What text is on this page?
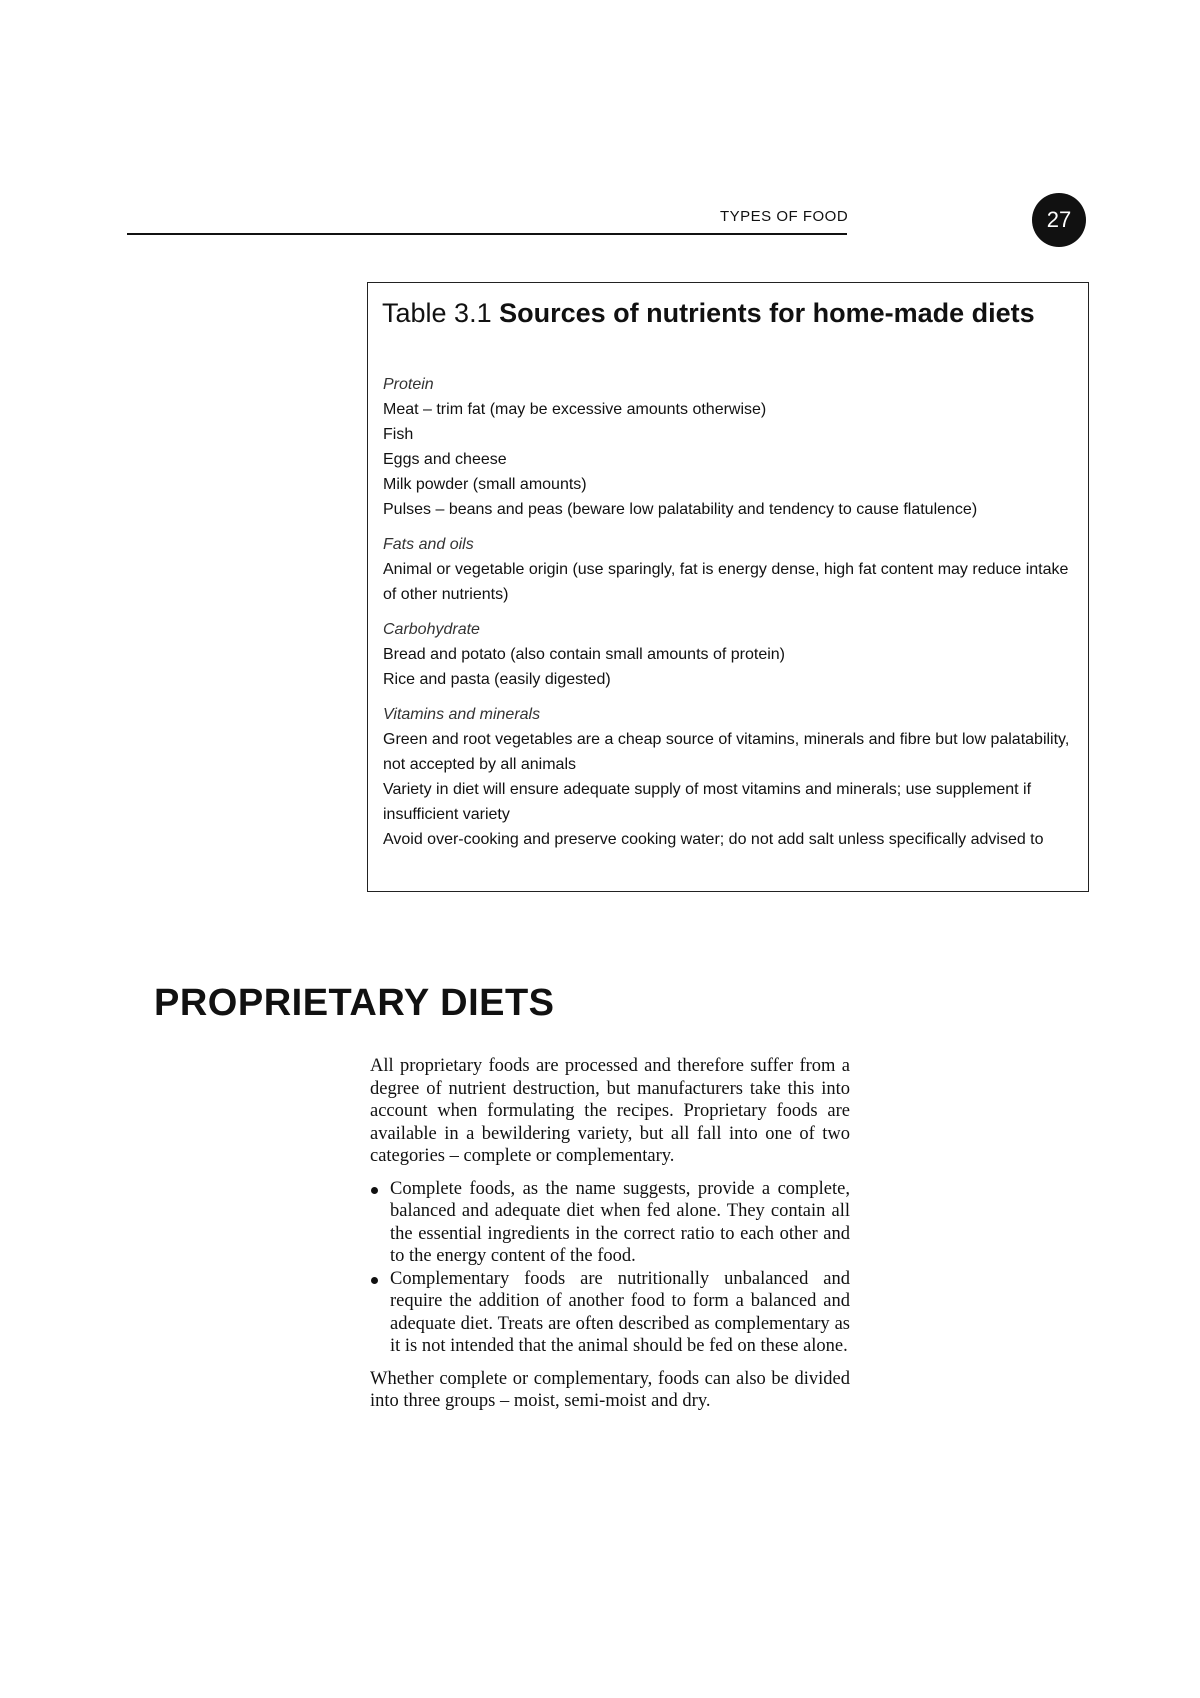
TYPES OF FOOD	27
Table 3.1 Sources of nutrients for home-made diets
Protein
Meat – trim fat (may be excessive amounts otherwise)
Fish
Eggs and cheese
Milk powder (small amounts)
Pulses – beans and peas (beware low palatability and tendency to cause flatulence)
Fats and oils
Animal or vegetable origin (use sparingly, fat is energy dense, high fat content may reduce intake of other nutrients)
Carbohydrate
Bread and potato (also contain small amounts of protein)
Rice and pasta (easily digested)
Vitamins and minerals
Green and root vegetables are a cheap source of vitamins, minerals and fibre but low palatability, not accepted by all animals
Variety in diet will ensure adequate supply of most vitamins and minerals; use supplement if insufficient variety
Avoid over-cooking and preserve cooking water; do not add salt unless specifically advised to
PROPRIETARY DIETS

All proprietary foods are processed and therefore suffer from a degree of nutrient destruction, but manufacturers take this into account when formulating the recipes. Proprietary foods are available in a bewildering variety, but all fall into one of two categories – complete or complementary.

Complete foods, as the name suggests, provide a complete, balanced and adequate diet when fed alone. They contain all the essential ingredients in the correct ratio to each other and to the energy content of the food.
Complementary foods are nutritionally unbalanced and require the addition of another food to form a balanced and adequate diet. Treats are often described as complementary as it is not intended that the animal should be fed on these alone.

Whether complete or complementary, foods can also be divided into three groups – moist, semi-moist and dry.
